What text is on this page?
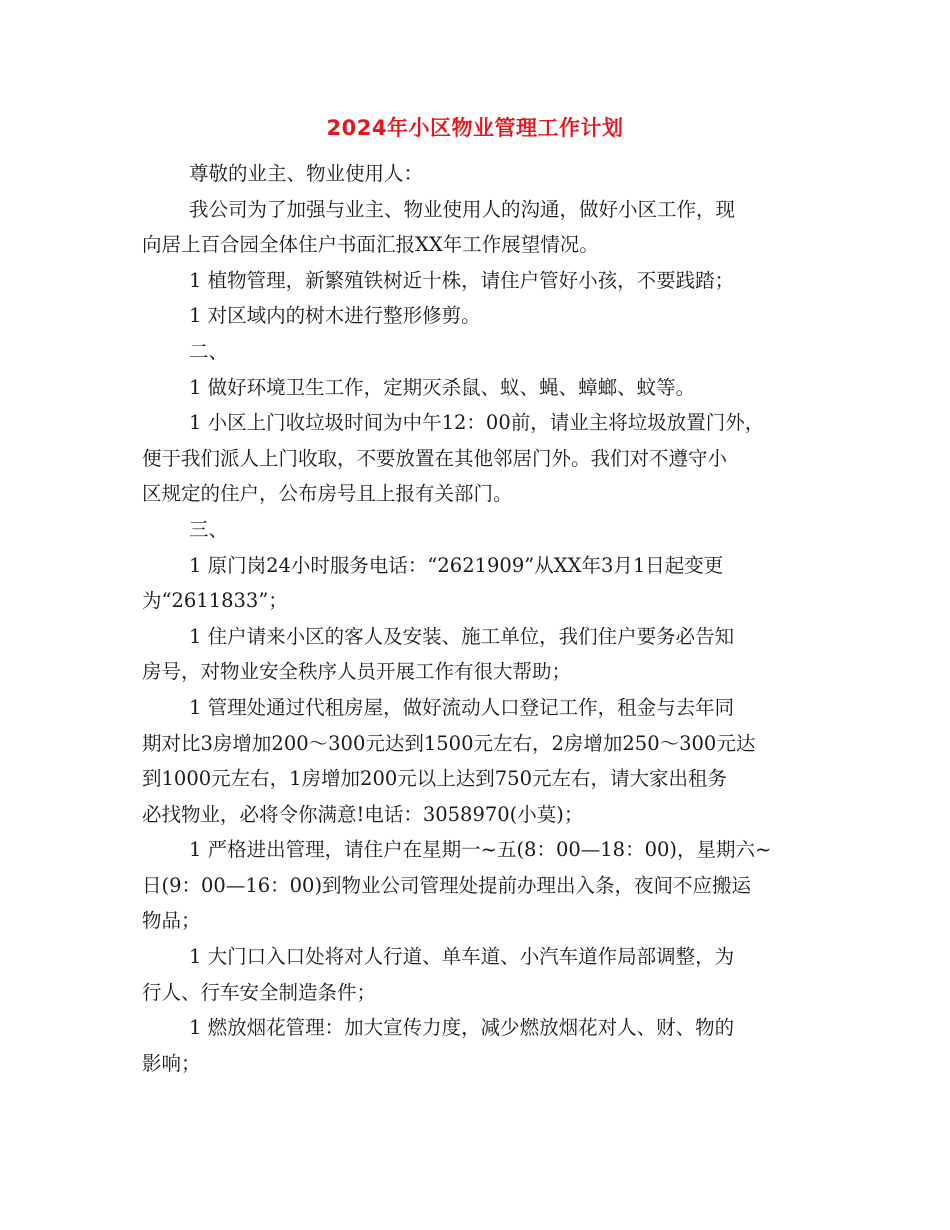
2024年小区物业管理工作计划

尊敬的业主、物业使用人：

我公司为了加强与业主、物业使用人的沟通，做好小区工作，现
向居上百合园全体住户书面汇报XX年工作展望情况。

1 植物管理，新繁殖铁树近十株，请住户管好小孩，不要践踏；

1 对区域内的树木进行整形修剪。

二、

1 做好环境卫生工作，定期灭杀鼠、蚁、蝇、蟑螂、蚊等。

1 小区上门收垃圾时间为中午12：00前，请业主将垃圾放置门外，
便于我们派人上门收取，不要放置在其他邻居门外。我们对不遵守小
区规定的住户，公布房号且上报有关部门。

三、

1 原门岗24小时服务电话：“2621909”从XX年3月1日起变更
为“2611833”；

1 住户请来小区的客人及安装、施工单位，我们住户要务必告知
房号，对物业安全秩序人员开展工作有很大帮助；

1 管理处通过代租房屋，做好流动人口登记工作，租金与去年同
期对比3房增加200～300元达到1500元左右，2房增加250～300元达
到1000元左右，1房增加200元以上达到750元左右，请大家出租务
必找物业，必将令你满意!电话：3058970(小莫)；

1 严格进出管理，请住户在星期一~五(8：00—18：00)，星期六~
日(9：00—16：00)到物业公司管理处提前办理出入条，夜间不应搬运
物品；

1 大门口入口处将对人行道、单车道、小汽车道作局部调整，为
行人、行车安全制造条件；

1 燃放烟花管理：加大宣传力度，减少燃放烟花对人、财、物的
影响；
